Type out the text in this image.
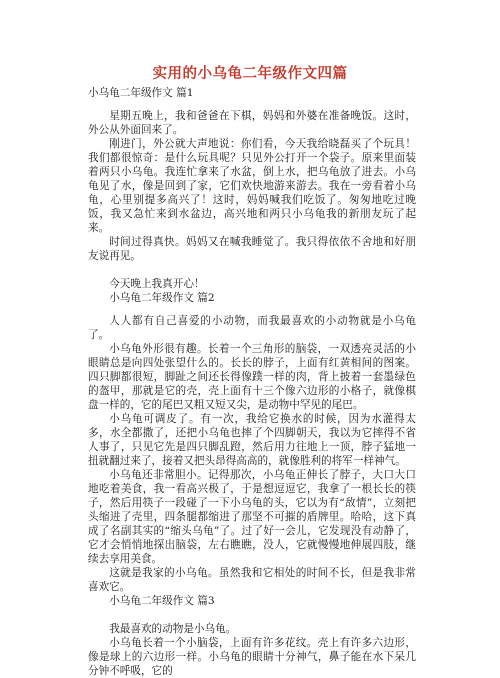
实用的小乌龟二年级作文四篇

小乌龟二年级作文 篇1

星期五晚上，我和爸爸在下棋，妈妈和外婆在准备晚饭。这时，外公从外面回来了。

刚进门，外公就大声地说：你们看，今天我给晓磊买了个玩具！我们都很惊奇：是什么玩具呢？只见外公打开一个袋子。原来里面装着两只小乌龟。我连忙拿来了水盆，倒上水，把乌龟放了进去。小乌龟见了水，像是回到了家，它们欢快地游来游去。我在一旁看着小乌龟，心里别提多高兴了！这时，妈妈喊我们吃饭了。匆匆地吃过晚饭，我又急忙来到水盆边，高兴地和两只小乌龟我的新朋友玩了起来。

时间过得真快。妈妈又在喊我睡觉了。我只得依依不舍地和好朋友说再见。

今天晚上我真开心！

小乌龟二年级作文 篇2

人人都有自己喜爱的小动物，而我最喜欢的小动物就是小乌龟了。

小乌龟外形很有趣。长着一个三角形的脑袋，一双透亮灵活的小眼睛总是向四处张望什么的。长长的脖子，上面有红黄相间的图案。四只脚都很短，脚趾之间还长得像蹼一样的肉，背上披着一套墨绿色的盔甲，那就是它的壳，壳上面有十三个像六边形的小格子，就像棋盘一样的，它的尾巴又粗又短又尖，是动物中罕见的尾巴。

小乌龟可调皮了。有一次，我给它换水的时候，因为水灌得太多，水全都撒了，还把小乌龟也摔了个四脚朝天，我以为它摔得不省人事了，只见它先是四只脚乱蹬，然后用力往地上一顶，脖子猛地一扭就翻过来了，接着又把头昂得高高的，就像胜利的将军一样神气。

小乌龟还非常胆小。记得那次，小乌龟正伸长了脖子，大口大口地吃着美食，我一看高兴极了，于是想逗逗它，我拿了一根长长的筷子，然后用筷子一段碰了一下小乌龟的头，它以为有“敌情”，立刻把头缩进了壳里，四条腿都缩进了那坚不可摧的盾牌里。哈哈，这下真成了名副其实的“缩头乌龟”了。过了好一会儿，它发现没有动静了，它才会悄悄地探出脑袋，左右瞧瞧，没人，它就慢慢地伸展四肢，继续去享用美食。

这就是我家的小乌龟。虽然我和它相处的时间不长，但是我非常喜欢它。

小乌龟二年级作文 篇3

我最喜欢的动物是小乌龟。

小乌龟长着一个小脑袋，上面有许多花纹。壳上有许多六边形，像是球上的六边形一样。小乌龟的眼睛十分神气，鼻子能在水下呆几分钟不呼吸，它的
